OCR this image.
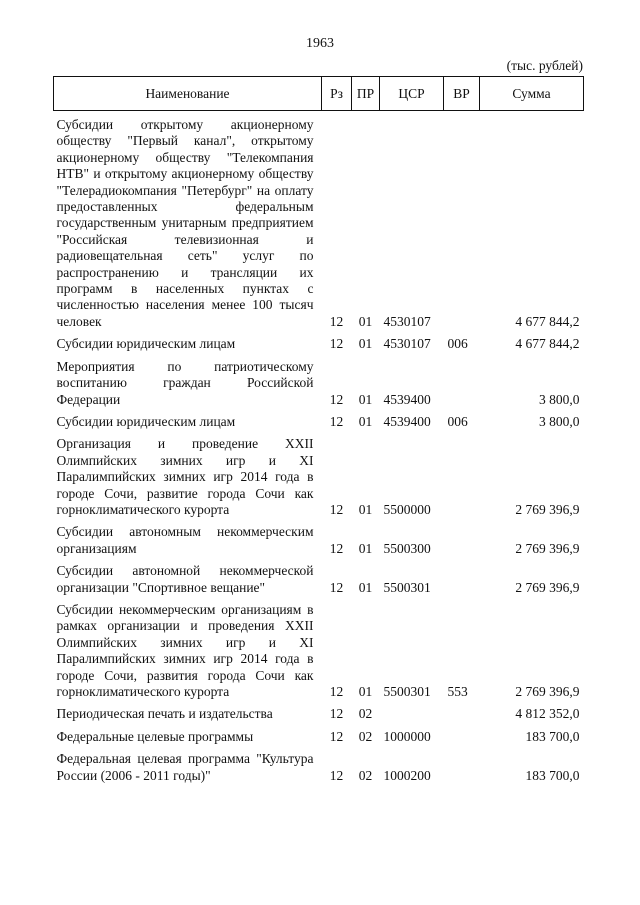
1963
(тыс. рублей)
Наименование	Рз	ПР	ЦСР	ВР	Сумма
Субсидии открытому акционерному обществу "Первый канал", открытому акционерному обществу "Телекомпания НТВ" и открытому акционерному обществу "Телерадиокомпания "Петербург" на оплату предоставленных федеральным государственным унитарным предприятием "Российская телевизионная и радиовещательная сеть" услуг по распространению и трансляции их программ в населенных пунктах с численностью населения менее 100 тысяч человек	12	01	4530107		4 677 844,2
Субсидии юридическим лицам	12	01	4530107	006	4 677 844,2
Мероприятия по патриотическому воспитанию граждан Российской Федерации	12	01	4539400		3 800,0
Субсидии юридическим лицам	12	01	4539400	006	3 800,0
Организация и проведение XXII Олимпийских зимних игр и XI Паралимпийских зимних игр 2014 года в городе Сочи, развитие города Сочи как горноклиматического курорта	12	01	5500000		2 769 396,9
Субсидии автономным некоммерческим организациям	12	01	5500300		2 769 396,9
Субсидии автономной некоммерческой организации "Спортивное вещание"	12	01	5500301		2 769 396,9
Субсидии некоммерческим организациям в рамках организации и проведения XXII Олимпийских зимних игр и XI Паралимпийских зимних игр 2014 года в городе Сочи, развития города Сочи как горноклиматического курорта	12	01	5500301	553	2 769 396,9
Периодическая печать и издательства	12	02			4 812 352,0
Федеральные целевые программы	12	02	1000000		183 700,0
Федеральная целевая программа "Культура России (2006 - 2011 годы)"	12	02	1000200		183 700,0
